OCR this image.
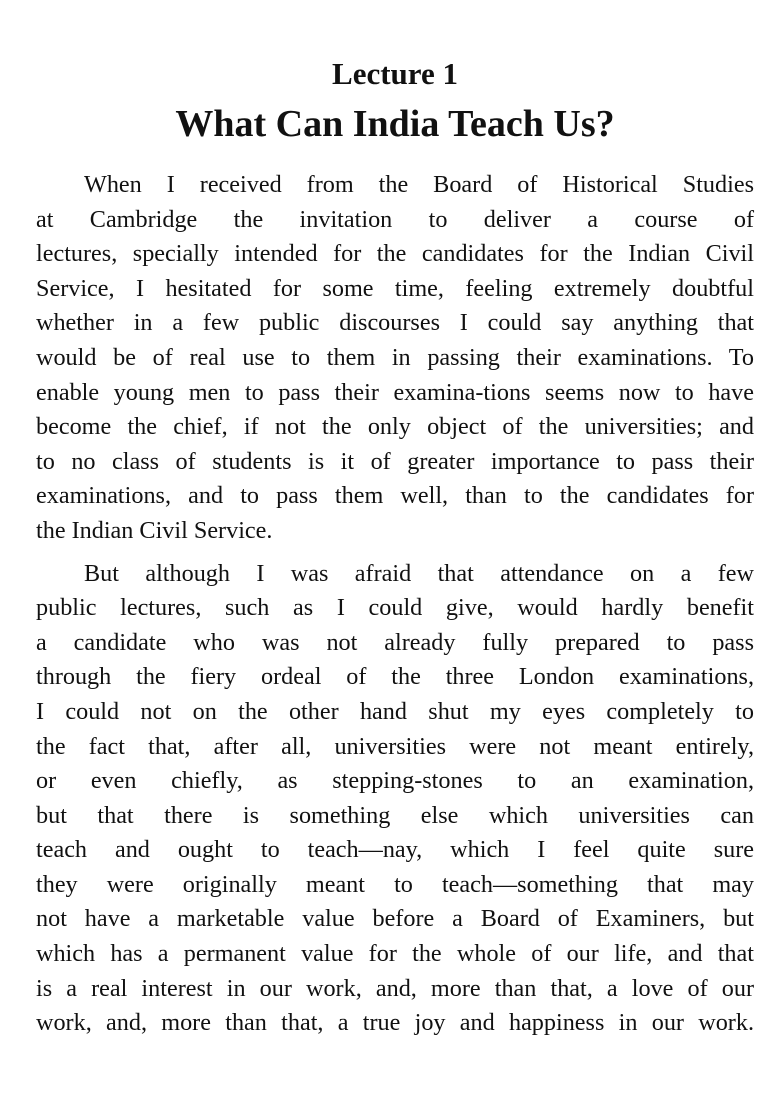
Lecture 1
What Can India Teach Us?

When I received from the Board of Historical Studies
at Cambridge the invitation to deliver a course of
lectures, specially intended for the candidates for the Indian Civil
Service, I hesitated for some time, feeling extremely doubtful
whether in a few public discourses I could say anything that
would be of real use to them in passing their examinations. To
enable young men to pass their examina-tions seems now to have
become the chief, if not the only object of the universities; and
to no class of students is it of greater importance to pass their
examinations, and to pass them well, than to the candidates for
the Indian Civil Service.

But although I was afraid that attendance on a few
public lectures, such as I could give, would hardly benefit
a candidate who was not already fully prepared to pass
through the fiery ordeal of the three London examinations,
I could not on the other hand shut my eyes completely to
the fact that, after all, universities were not meant entirely,
or even chiefly, as stepping-stones to an examination,
but that there is something else which universities can
teach and ought to teach—nay, which I feel quite sure
they were originally meant to teach—something that may
not have a marketable value before a Board of Examiners, but
which has a permanent value for the whole of our life, and that
is a real interest in our work, and, more than that, a love of our
work, and, more than that, a true joy and happiness in our work.
